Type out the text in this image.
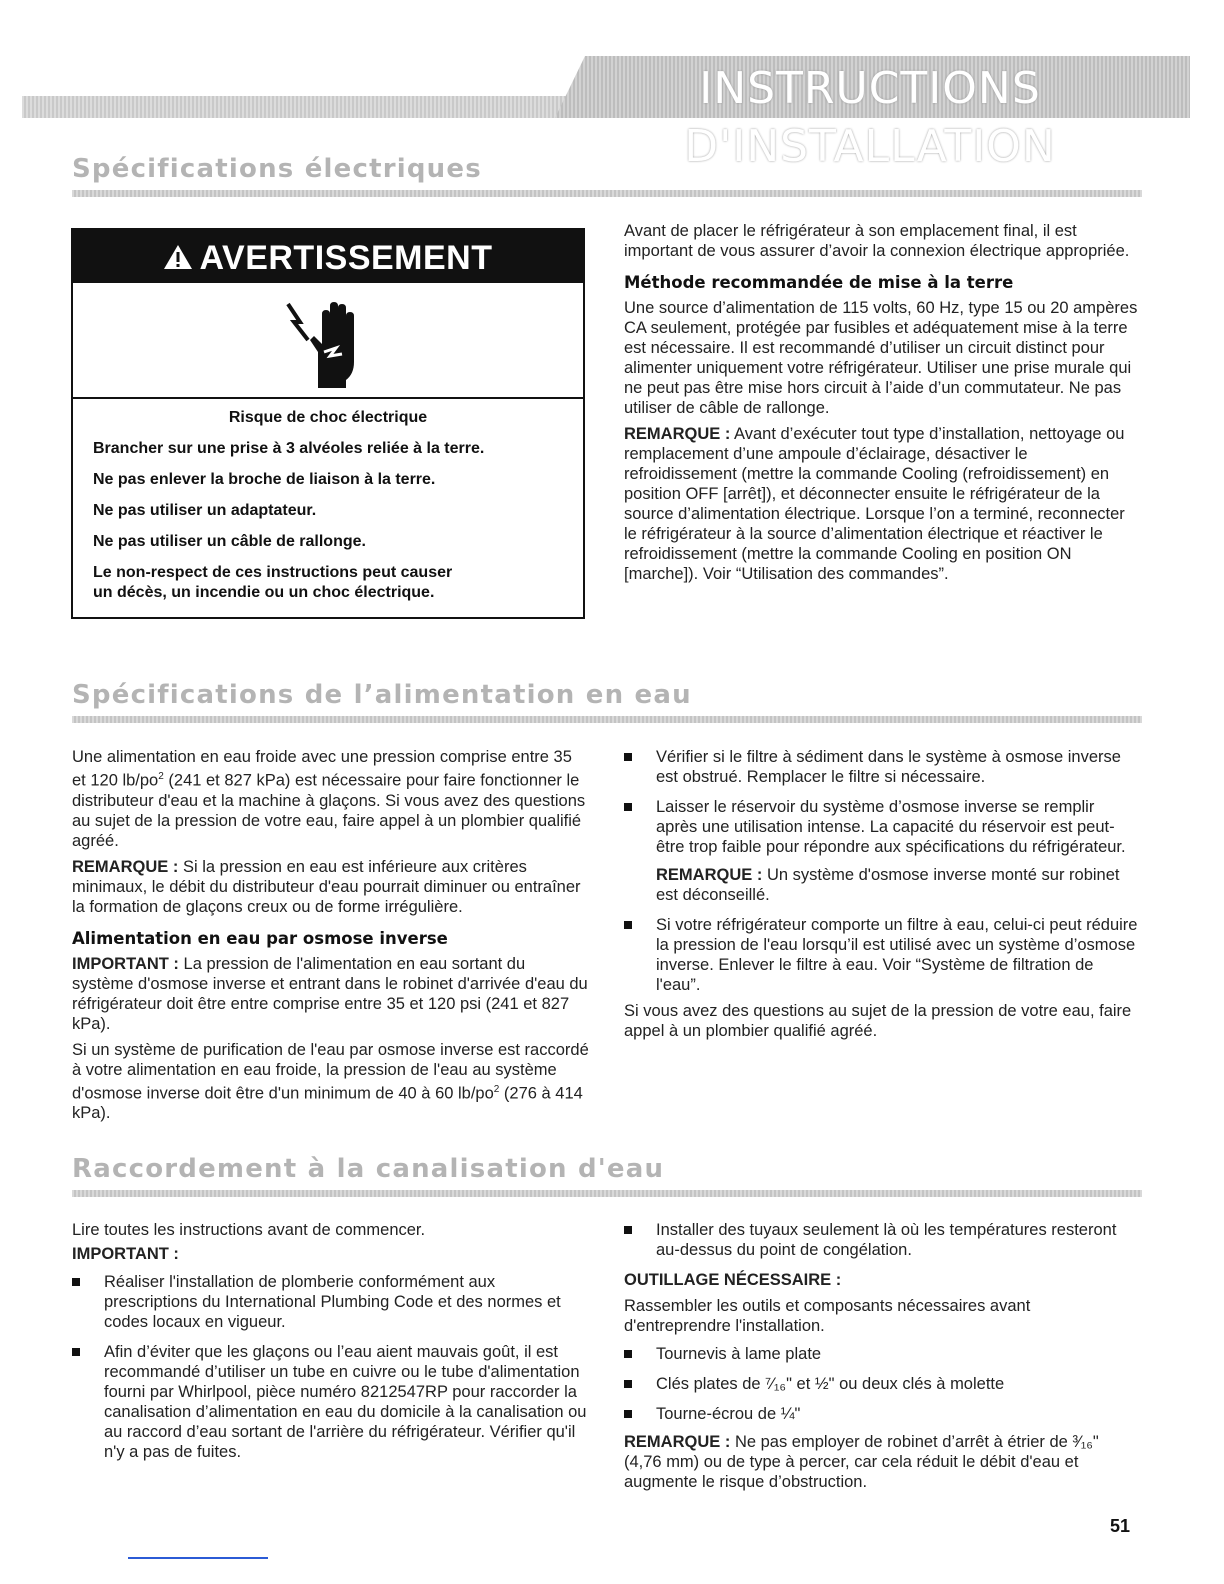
INSTRUCTIONS D'INSTALLATION
Spécifications électriques
AVERTISSEMENT
Risque de choc électrique
Brancher sur une prise à 3 alvéoles reliée à la terre.
Ne pas enlever la broche de liaison à la terre.
Ne pas utiliser un adaptateur.
Ne pas utiliser un câble de rallonge.
Le non-respect de ces instructions peut causer
un décès, un incendie ou un choc électrique.

Avant de placer le réfrigérateur à son emplacement final, il est important de vous assurer d’avoir la connexion électrique appropriée.

Méthode recommandée de mise à la terre

Une source d’alimentation de 115 volts, 60 Hz, type 15 ou 20 ampères CA seulement, protégée par fusibles et adéquatement mise à la terre est nécessaire. Il est recommandé d’utiliser un circuit distinct pour alimenter uniquement votre réfrigérateur. Utiliser une prise murale qui ne peut pas être mise hors circuit à l’aide d’un commutateur. Ne pas utiliser de câble de rallonge.

REMARQUE : Avant d’exécuter tout type d’installation, nettoyage ou remplacement d’une ampoule d’éclairage, désactiver le refroidissement (mettre la commande Cooling (refroidissement) en position OFF [arrêt]), et déconnecter ensuite le réfrigérateur de la source d’alimentation électrique. Lorsque l’on a terminé, reconnecter le réfrigérateur à la source d’alimentation électrique et réactiver le refroidissement (mettre la commande Cooling en position ON [marche]). Voir “Utilisation des commandes”.

Spécifications de l’alimentation en eau

Une alimentation en eau froide avec une pression comprise entre 35 et 120 $lb/po^2$ (241 et 827 kPa) est nécessaire pour faire fonctionner le distributeur d'eau et la machine à glaçons. Si vous avez des questions au sujet de la pression de votre eau, faire appel à un plombier qualifié agréé.

REMARQUE : Si la pression en eau est inférieure aux critères minimaux, le débit du distributeur d'eau pourrait diminuer ou entraîner la formation de glaçons creux ou de forme irrégulière.

Alimentation en eau par osmose inverse

IMPORTANT : La pression de l'alimentation en eau sortant du système d'osmose inverse et entrant dans le robinet d'arrivée d'eau du réfrigérateur doit être entre comprise entre 35 et 120 psi (241 et 827 kPa).

Si un système de purification de l'eau par osmose inverse est raccordé à votre alimentation en eau froide, la pression de l'eau au système d'osmose inverse doit être d'un minimum de 40 à 60 $lb/po^2$ (276 à 414 kPa).

Vérifier si le filtre à sédiment dans le système à osmose inverse est obstrué. Remplacer le filtre si nécessaire.

Laisser le réservoir du système d’osmose inverse se remplir après une utilisation intense. La capacité du réservoir est peut-être trop faible pour répondre aux spécifications du réfrigérateur.

REMARQUE : Un système d'osmose inverse monté sur robinet est déconseillé.

Si votre réfrigérateur comporte un filtre à eau, celui-ci peut réduire la pression de l'eau lorsqu’il est utilisé avec un système d’osmose inverse. Enlever le filtre à eau. Voir “Système de filtration de l'eau”.

Si vous avez des questions au sujet de la pression de votre eau, faire appel à un plombier qualifié agréé.

Raccordement à la canalisation d'eau

Lire toutes les instructions avant de commencer.

IMPORTANT :

Réaliser l'installation de plomberie conformément aux prescriptions du International Plumbing Code et des normes et codes locaux en vigueur.

Afin d’éviter que les glaçons ou l’eau aient mauvais goût, il est recommandé d’utiliser un tube en cuivre ou le tube d'alimentation fourni par Whirlpool, pièce numéro 8212547RP pour raccorder la canalisation d’alimentation en eau du domicile à la canalisation ou au raccord d’eau sortant de l'arrière du réfrigérateur. Vérifier qu'il n'y a pas de fuites.

Installer des tuyaux seulement là où les températures resteront au-dessus du point de congélation.

OUTILLAGE NÉCESSAIRE :

Rassembler les outils et composants nécessaires avant d'entreprendre l'installation.

Tournevis à lame plate

Clés plates de ⁷⁄₁₆" et ½" ou deux clés à molette

Tourne-écrou de ¼"

REMARQUE : Ne pas employer de robinet d’arrêt à étrier de ³⁄₁₆" (4,76 mm) ou de type à percer, car cela réduit le débit d'eau et augmente le risque d’obstruction.

51
